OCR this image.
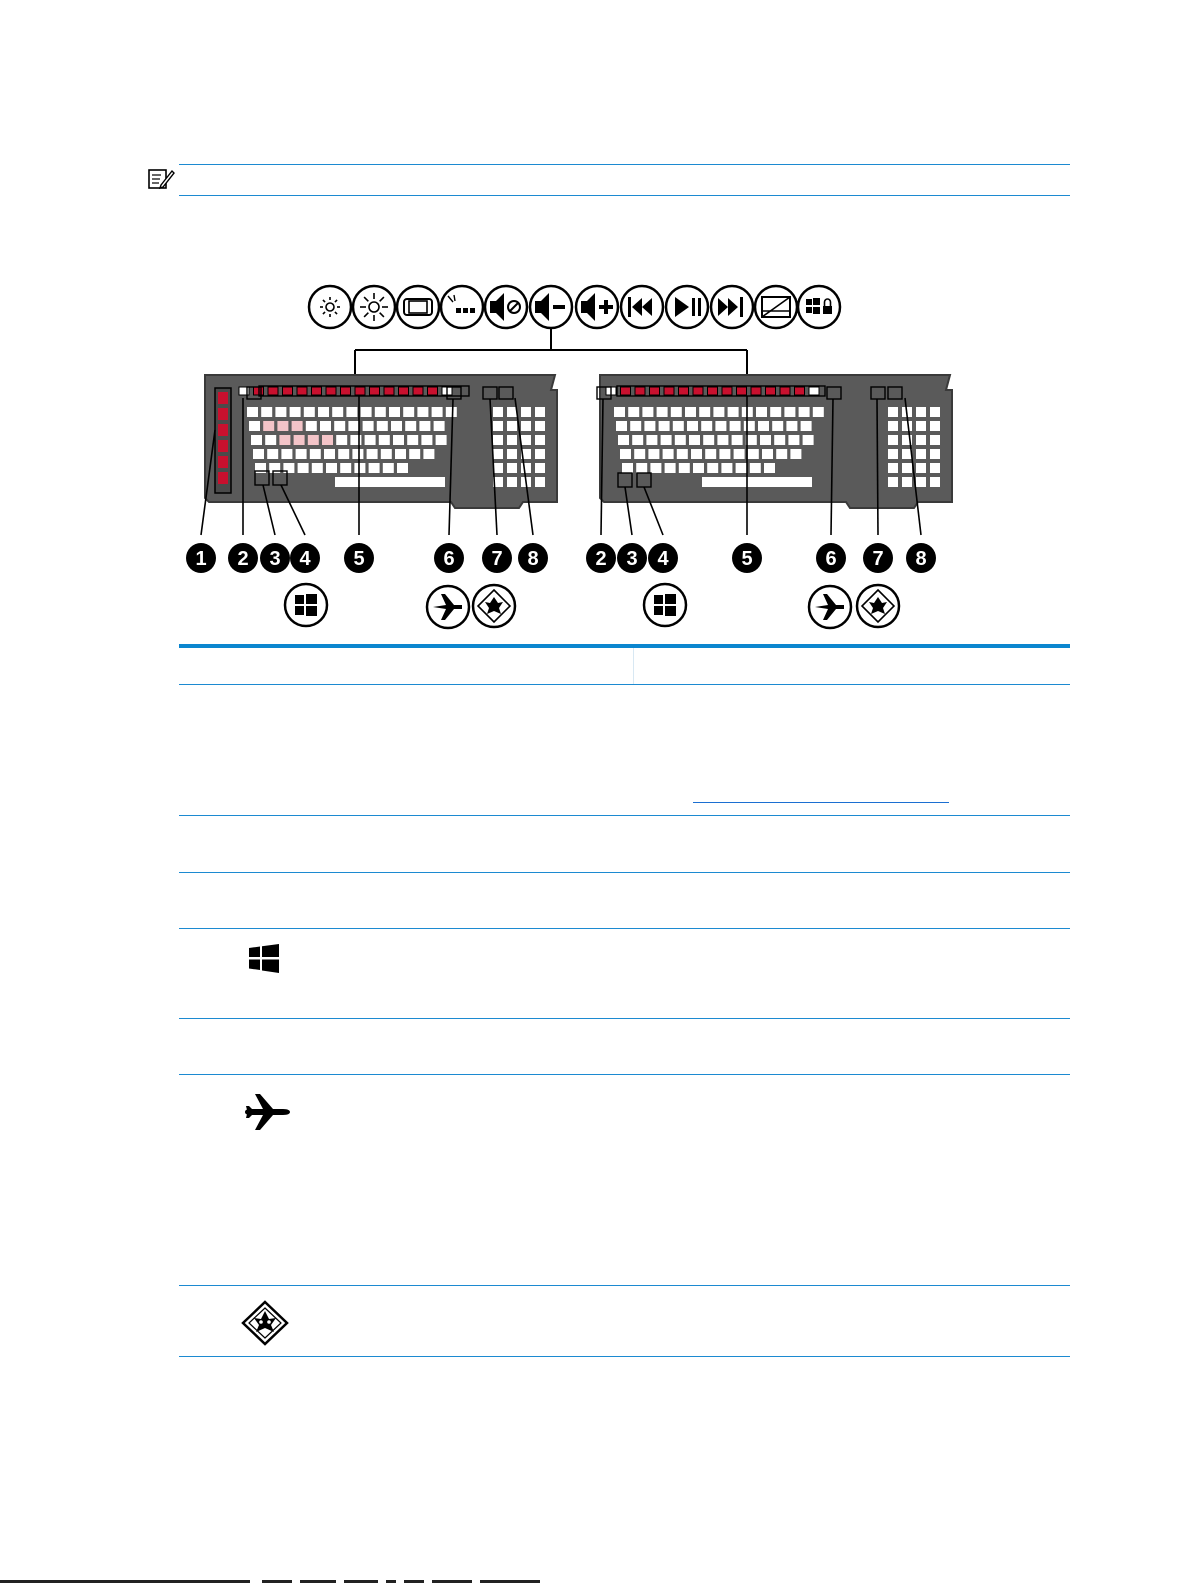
1 2 3 4 5	6 7 8	2 3 4	5	6 7 8
